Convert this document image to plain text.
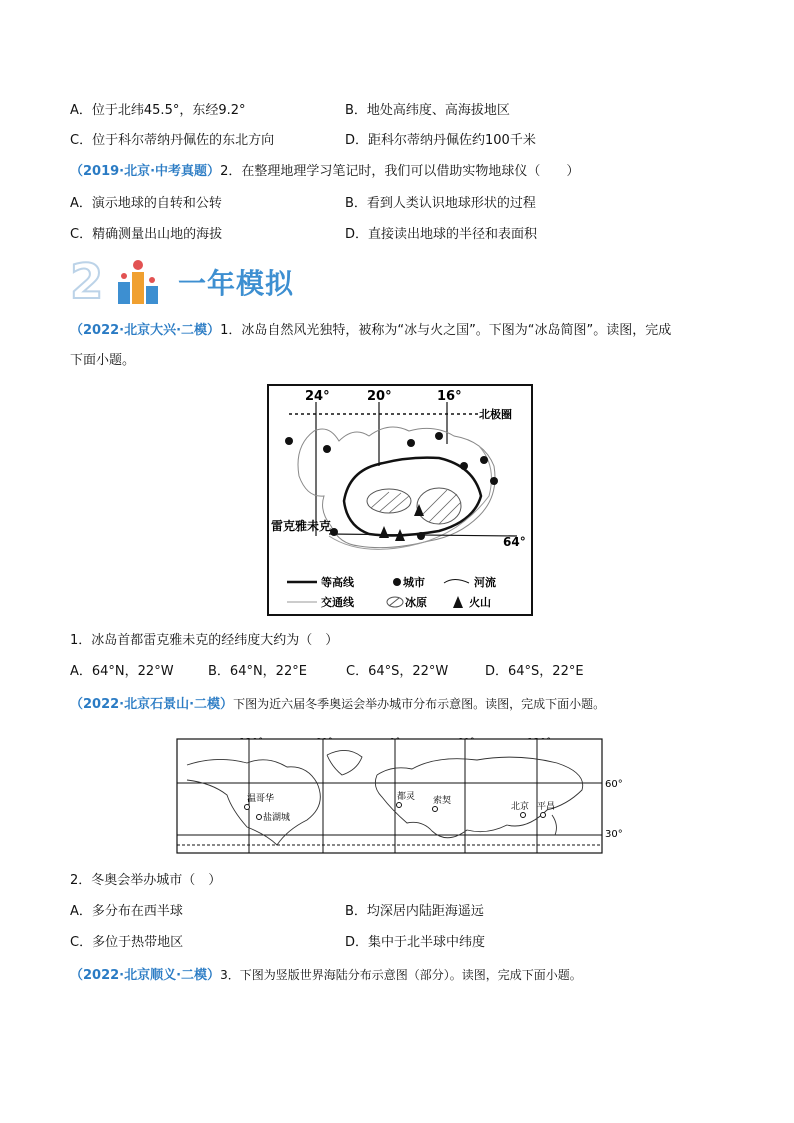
A．位于北纬45.5°，东经9.2°	B．地处高纬度、高海拔地区
C．位于科尔蒂纳丹佩佐的东北方向	D．距科尔蒂纳丹佩佐约100千米
（2019·北京·中考真题）2．在整理地理学习笔记时，我们可以借助实物地球仪（　　）
A．演示地球的自转和公转	B．看到人类认识地球形状的过程
C．精确测量出山地的海拔	D．直接读出地球的半径和表面积
2	一年模拟
（2022·北京大兴·二模）1．冰岛自然风光独特，被称为“冰与火之国”。下图为“冰岛简图”。读图，完成
下面小题。
24°	20°	16°
北极圈
64°
雷克雅未克
等高线	城市	河流
交通线	冰原	火山
1．冰岛首都雷克雅未克的经纬度大约为（　）
A．64°N，22°W	B．64°N，22°E	C．64°S，22°W	D．64°S，22°E
（2022·北京石景山·二模）下图为近六届冬季奥运会举办城市分布示意图。读图，完成下面小题。
60°
30°
温哥华
盐湖城
都灵 索契
北京 平昌
2．冬奥会举办城市（　）
A．多分布在西半球	B．均深居内陆距海遥远
C．多位于热带地区	D．集中于北半球中纬度
（2022·北京顺义·二模）3．下图为竖版世界海陆分布示意图（部分）。读图，完成下面小题。
